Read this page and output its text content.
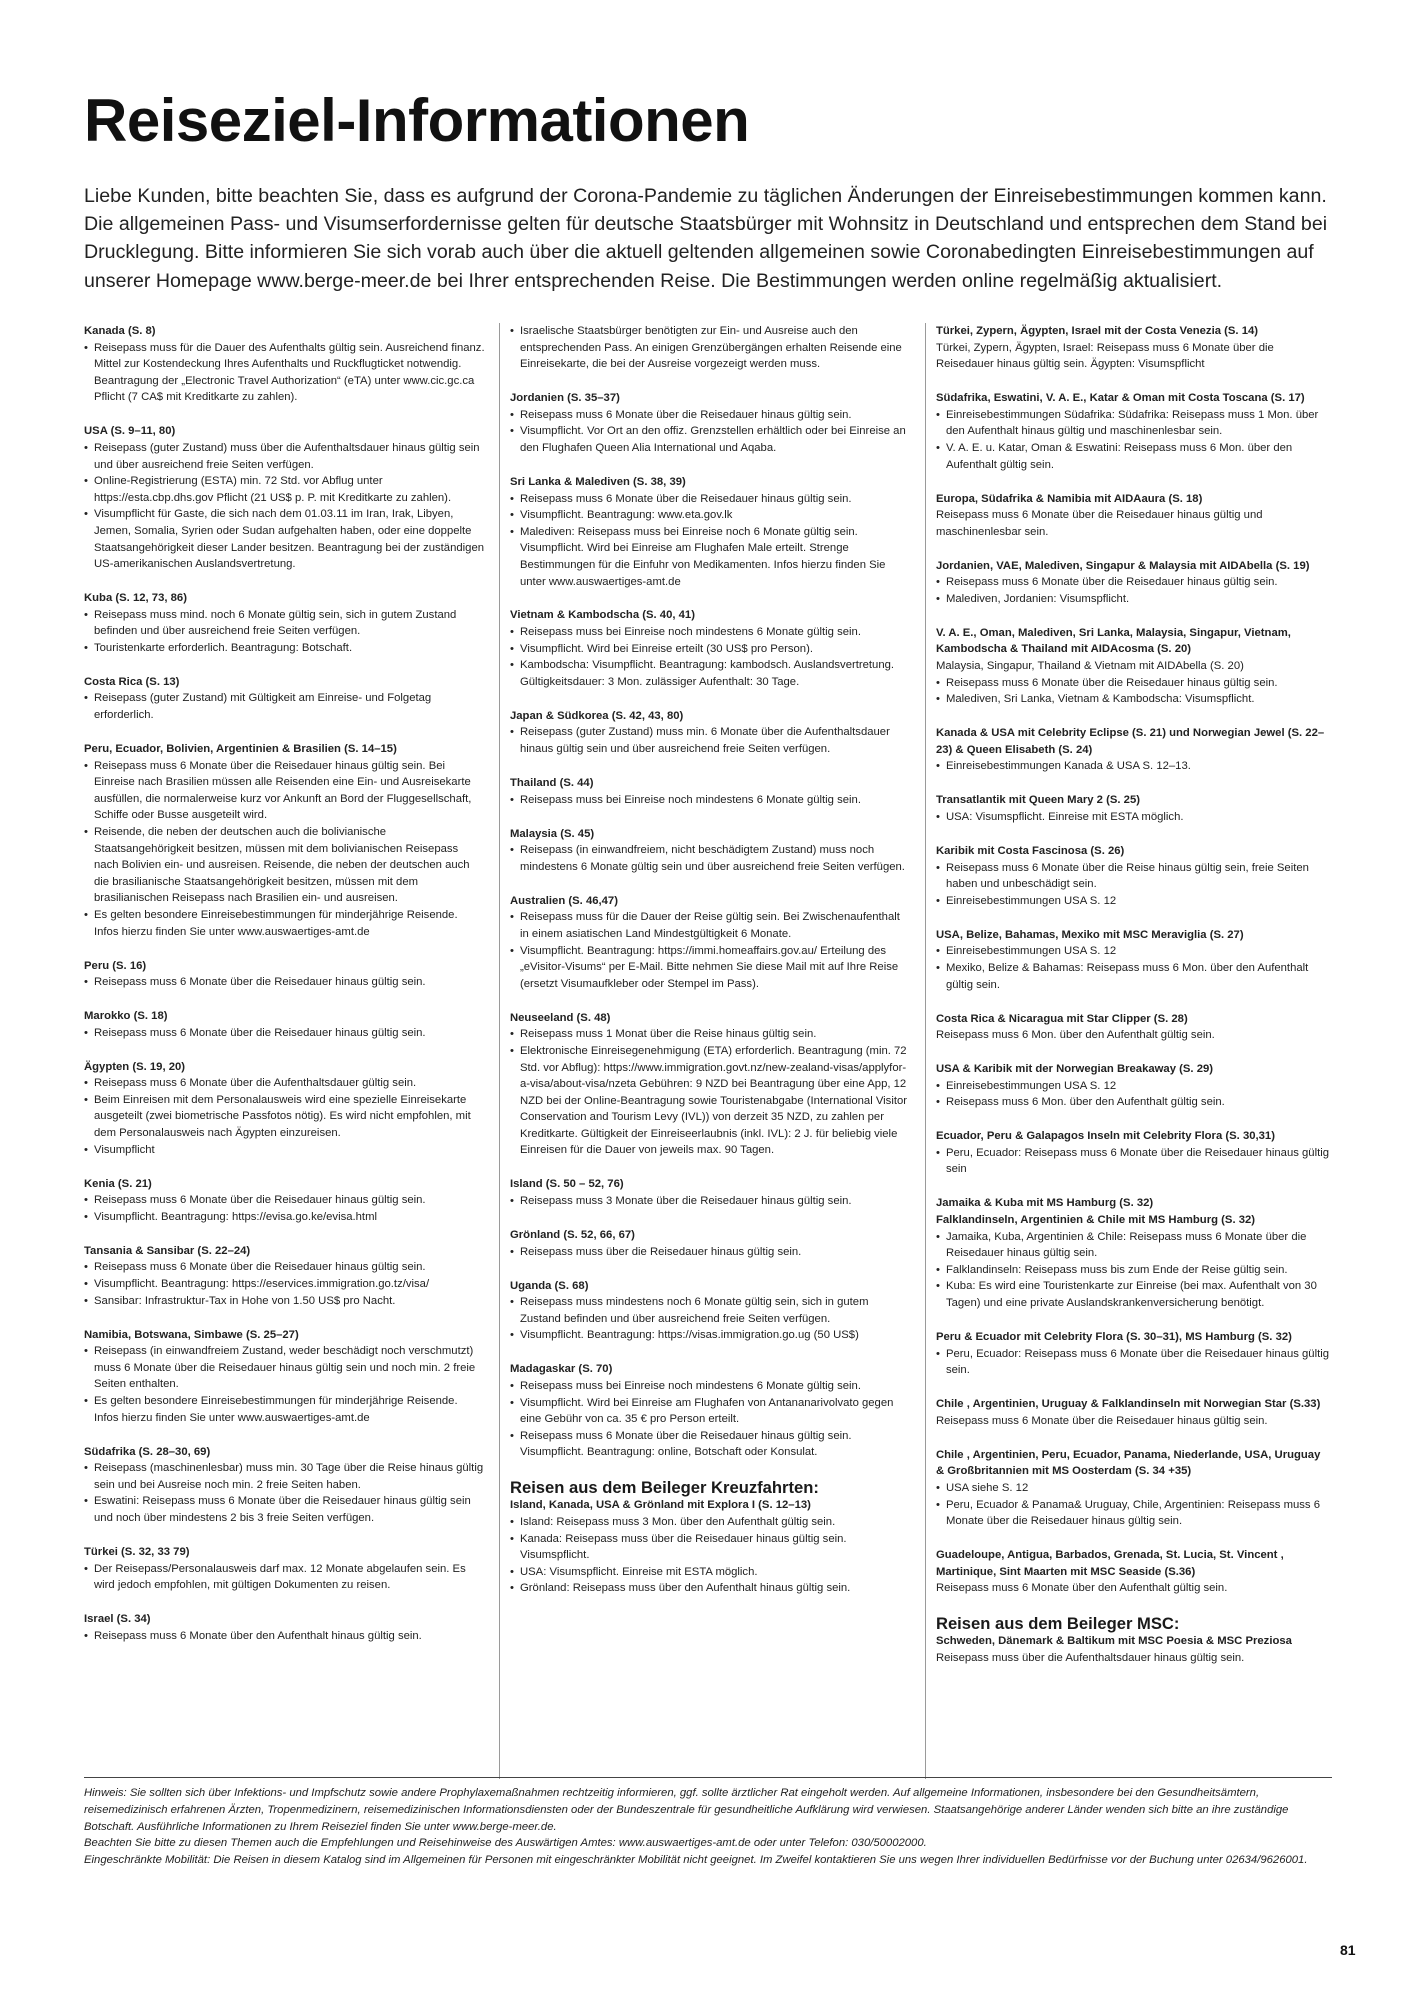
Reiseziel-Informationen

Liebe Kunden, bitte beachten Sie, dass es aufgrund der Corona-Pandemie zu täglichen Änderungen der Einreisebestimmungen kommen kann. Die allgemeinen Pass- und Visumserfordernisse gelten für deutsche Staatsbürger mit Wohnsitz in Deutschland und entsprechen dem Stand bei Drucklegung. Bitte informieren Sie sich vorab auch über die aktuell geltenden allgemeinen sowie Coronabedingten Einreisebestimmungen auf unserer Homepage www.berge-meer.de bei Ihrer entsprechenden Reise. Die Bestimmungen werden online regelmäßig aktualisiert.

Kanada (S. 8)
• Reisepass muss für die Dauer des Aufenthalts gültig sein. Ausreichend finanz. Mittel zur Kostendeckung Ihres Aufenthalts und Ruckflugticket notwendig. Beantragung der „Electronic Travel Authorization“ (eTA) unter www.cic.gc.ca Pflicht (7 CA$ mit Kreditkarte zu zahlen).
USA (S. 9–11, 80)
• Reisepass (guter Zustand) muss über die Aufenthaltsdauer hinaus gültig sein und über ausreichend freie Seiten verfügen.
• Online-Registrierung (ESTA) min. 72 Std. vor Abflug unter https://esta.cbp.dhs.gov Pflicht (21 US$ p. P. mit Kreditkarte zu zahlen).
• Visumpflicht für Gaste, die sich nach dem 01.03.11 im Iran, Irak, Libyen, Jemen, Somalia, Syrien oder Sudan aufgehalten haben, oder eine doppelte Staatsangehörigkeit dieser Lander besitzen. Beantragung bei der zuständigen US-amerikanischen Auslandsvertretung.
Kuba (S. 12, 73, 86)
• Reisepass muss mind. noch 6 Monate gültig sein, sich in gutem Zustand befinden und über ausreichend freie Seiten verfügen.
• Touristenkarte erforderlich. Beantragung: Botschaft.
Costa Rica (S. 13)
• Reisepass (guter Zustand) mit Gültigkeit am Einreise- und Folgetag erforderlich.
Peru, Ecuador, Bolivien, Argentinien & Brasilien (S. 14–15)
• Reisepass muss 6 Monate über die Reisedauer hinaus gültig sein. Bei Einreise nach Brasilien müssen alle Reisenden eine Ein- und Ausreisekarte ausfüllen, die normalerweise kurz vor Ankunft an Bord der Fluggesellschaft, Schiffe oder Busse ausgeteilt wird.
• Reisende, die neben der deutschen auch die bolivianische Staatsangehörigkeit besitzen, müssen mit dem bolivianischen Reisepass nach Bolivien ein- und ausreisen. Reisende, die neben der deutschen auch die brasilianische Staatsangehörigkeit besitzen, müssen mit dem brasilianischen Reisepass nach Brasilien ein- und ausreisen.
• Es gelten besondere Einreisebestimmungen für minderjährige Reisende. Infos hierzu finden Sie unter www.auswaertiges-amt.de
Peru (S. 16)
• Reisepass muss 6 Monate über die Reisedauer hinaus gültig sein.
Marokko (S. 18)
• Reisepass muss 6 Monate über die Reisedauer hinaus gültig sein.
Ägypten (S. 19, 20)
• Reisepass muss 6 Monate über die Aufenthaltsdauer gültig sein.
• Beim Einreisen mit dem Personalausweis wird eine spezielle Einreisekarte ausgeteilt (zwei biometrische Passfotos nötig). Es wird nicht empfohlen, mit dem Personalausweis nach Ägypten einzureisen.
• Visumpflicht
Kenia (S. 21)
• Reisepass muss 6 Monate über die Reisedauer hinaus gültig sein.
• Visumpflicht. Beantragung: https://evisa.go.ke/evisa.html
Tansania & Sansibar (S. 22–24)
• Reisepass muss 6 Monate über die Reisedauer hinaus gültig sein.
• Visumpflicht. Beantragung: https://eservices.immigration.go.tz/visa/
• Sansibar: Infrastruktur-Tax in Hohe von 1.50 US$ pro Nacht.
Namibia, Botswana, Simbawe (S. 25–27)
• Reisepass (in einwandfreiem Zustand, weder beschädigt noch verschmutzt) muss 6 Monate über die Reisedauer hinaus gültig sein und noch min. 2 freie Seiten enthalten.
• Es gelten besondere Einreisebestimmungen für minderjährige Reisende. Infos hierzu finden Sie unter www.auswaertiges-amt.de
Südafrika (S. 28–30, 69)
• Reisepass (maschinenlesbar) muss min. 30 Tage über die Reise hinaus gültig sein und bei Ausreise noch min. 2 freie Seiten haben.
• Eswatini: Reisepass muss 6 Monate über die Reisedauer hinaus gültig sein und noch über mindestens 2 bis 3 freie Seiten verfügen.
Türkei (S. 32, 33 79)
• Der Reisepass/Personalausweis darf max. 12 Monate abgelaufen sein. Es wird jedoch empfohlen, mit gültigen Dokumenten zu reisen.
Israel (S. 34)
• Reisepass muss 6 Monate über den Aufenthalt hinaus gültig sein.
• Israelische Staatsbürger benötigten zur Ein- und Ausreise auch den entsprechenden Pass. An einigen Grenzübergängen erhalten Reisende eine Einreisekarte, die bei der Ausreise vorgezeigt werden muss.
Jordanien (S. 35–37)
• Reisepass muss 6 Monate über die Reisedauer hinaus gültig sein.
• Visumpflicht. Vor Ort an den offiz. Grenzstellen erhältlich oder bei Einreise an den Flughafen Queen Alia International und Aqaba.
Sri Lanka & Malediven (S. 38, 39)
• Reisepass muss 6 Monate über die Reisedauer hinaus gültig sein.
• Visumpflicht. Beantragung: www.eta.gov.lk
• Malediven: Reisepass muss bei Einreise noch 6 Monate gültig sein. Visumpflicht. Wird bei Einreise am Flughafen Male erteilt. Strenge Bestimmungen für die Einfuhr von Medikamenten. Infos hierzu finden Sie unter www.auswaertiges-amt.de
Vietnam & Kambodscha (S. 40, 41)
• Reisepass muss bei Einreise noch mindestens 6 Monate gültig sein.
• Visumpflicht. Wird bei Einreise erteilt (30 US$ pro Person).
• Kambodscha: Visumpflicht. Beantragung: kambodsch. Auslandsvertretung. Gültigkeitsdauer: 3 Mon. zulässiger Aufenthalt: 30 Tage.
Japan & Südkorea (S. 42, 43, 80)
• Reisepass (guter Zustand) muss min. 6 Monate über die Aufenthaltsdauer hinaus gültig sein und über ausreichend freie Seiten verfügen.
Thailand (S. 44)
• Reisepass muss bei Einreise noch mindestens 6 Monate gültig sein.
Malaysia (S. 45)
• Reisepass (in einwandfreiem, nicht beschädigtem Zustand) muss noch mindestens 6 Monate gültig sein und über ausreichend freie Seiten verfügen.
Australien (S. 46,47)
• Reisepass muss für die Dauer der Reise gültig sein. Bei Zwischenaufenthalt in einem asiatischen Land Mindestgültigkeit 6 Monate.
• Visumpflicht. Beantragung: https://immi.homeaffairs.gov.au/ Erteilung des „eVisitor-Visums“ per E-Mail. Bitte nehmen Sie diese Mail mit auf Ihre Reise (ersetzt Visumaufkleber oder Stempel im Pass).
Neuseeland (S. 48)
• Reisepass muss 1 Monat über die Reise hinaus gültig sein.
• Elektronische Einreisegenehmigung (ETA) erforderlich. Beantragung (min. 72 Std. vor Abflug): https://www.immigration.govt.nz/new-zealand-visas/applyfor-a-visa/about-visa/nzeta Gebühren: 9 NZD bei Beantragung über eine App, 12 NZD bei der Online-Beantragung sowie Touristenabgabe (International Visitor Conservation and Tourism Levy (IVL)) von derzeit 35 NZD, zu zahlen per Kreditkarte. Gültigkeit der Einreiseerlaubnis (inkl. IVL): 2 J. für beliebig viele Einreisen für die Dauer von jeweils max. 90 Tagen.
Island (S. 50 – 52, 76)
• Reisepass muss 3 Monate über die Reisedauer hinaus gültig sein.
Grönland (S. 52, 66, 67)
• Reisepass muss über die Reisedauer hinaus gültig sein.
Uganda (S. 68)
• Reisepass muss mindestens noch 6 Monate gültig sein, sich in gutem Zustand befinden und über ausreichend freie Seiten verfügen.
• Visumpflicht. Beantragung: https://visas.immigration.go.ug (50 US$)
Madagaskar (S. 70)
• Reisepass muss bei Einreise noch mindestens 6 Monate gültig sein.
• Visumpflicht. Wird bei Einreise am Flughafen von Antananarivolvato gegen eine Gebühr von ca. 35 € pro Person erteilt.
• Reisepass muss 6 Monate über die Reisedauer hinaus gültig sein. Visumpflicht. Beantragung: online, Botschaft oder Konsulat.
Reisen aus dem Beileger Kreuzfahrten:
Island, Kanada, USA & Grönland mit Explora I (S. 12–13)
• Island: Reisepass muss 3 Mon. über den Aufenthalt gültig sein.
• Kanada: Reisepass muss über die Reisedauer hinaus gültig sein. Visumspflicht.
• USA: Visumspflicht. Einreise mit ESTA möglich.
• Grönland: Reisepass muss über den Aufenthalt hinaus gültig sein.
Türkei, Zypern, Ägypten, Israel mit der Costa Venezia (S. 14)

Türkei, Zypern, Ägypten, Israel: Reisepass muss 6 Monate über die Reisedauer hinaus gültig sein. Ägypten: Visumspflicht

Südafrika, Eswatini, V. A. E., Katar & Oman mit Costa Toscana (S. 17)
• Einreisebestimmungen Südafrika: Südafrika: Reisepass muss 1 Mon. über den Aufenthalt hinaus gültig und maschinenlesbar sein.
• V. A. E. u. Katar, Oman & Eswatini: Reisepass muss 6 Mon. über den Aufenthalt gültig sein.
Europa, Südafrika & Namibia mit AIDAaura (S. 18)

Reisepass muss 6 Monate über die Reisedauer hinaus gültig und maschinenlesbar sein.

Jordanien, VAE, Malediven, Singapur & Malaysia mit AIDAbella (S. 19)
• Reisepass muss 6 Monate über die Reisedauer hinaus gültig sein.
• Malediven, Jordanien: Visumspflicht.
V. A. E., Oman, Malediven, Sri Lanka, Malaysia, Singapur, Vietnam, Kambodscha & Thailand mit AIDAcosma (S. 20)

Malaysia, Singapur, Thailand & Vietnam mit AIDAbella (S. 20)

• Reisepass muss 6 Monate über die Reisedauer hinaus gültig sein.
• Malediven, Sri Lanka, Vietnam & Kambodscha: Visumspflicht.
Kanada & USA mit Celebrity Eclipse (S. 21) und Norwegian Jewel (S. 22–23) & Queen Elisabeth (S. 24)
• Einreisebestimmungen Kanada & USA S. 12–13.
Transatlantik mit Queen Mary 2 (S. 25)
• USA: Visumspflicht. Einreise mit ESTA möglich.
Karibik mit Costa Fascinosa (S. 26)
• Reisepass muss 6 Monate über die Reise hinaus gültig sein, freie Seiten haben und unbeschädigt sein.
• Einreisebestimmungen USA S. 12
USA, Belize, Bahamas, Mexiko mit MSC Meraviglia (S. 27)
• Einreisebestimmungen USA S. 12
• Mexiko, Belize & Bahamas: Reisepass muss 6 Mon. über den Aufenthalt gültig sein.
Costa Rica & Nicaragua mit Star Clipper (S. 28)

Reisepass muss 6 Mon. über den Aufenthalt gültig sein.

USA & Karibik mit der Norwegian Breakaway (S. 29)
• Einreisebestimmungen USA S. 12
• Reisepass muss 6 Mon. über den Aufenthalt gültig sein.
Ecuador, Peru & Galapagos Inseln mit Celebrity Flora (S. 30,31)
• Peru, Ecuador: Reisepass muss 6 Monate über die Reisedauer hinaus gültig sein
Jamaika & Kuba mit MS Hamburg (S. 32)
Falklandinseln, Argentinien & Chile mit MS Hamburg (S. 32)
• Jamaika, Kuba, Argentinien & Chile: Reisepass muss 6 Monate über die Reisedauer hinaus gültig sein.
• Falklandinseln: Reisepass muss bis zum Ende der Reise gültig sein.
• Kuba: Es wird eine Touristenkarte zur Einreise (bei max. Aufenthalt von 30 Tagen) und eine private Auslandskrankenversicherung benötigt.
Peru & Ecuador mit Celebrity Flora (S. 30–31), MS Hamburg (S. 32)
• Peru, Ecuador: Reisepass muss 6 Monate über die Reisedauer hinaus gültig sein.
Chile , Argentinien, Uruguay & Falklandinseln mit Norwegian Star (S.33)

Reisepass muss 6 Monate über die Reisedauer hinaus gültig sein.

Chile , Argentinien, Peru, Ecuador, Panama, Niederlande, USA, Uruguay & Großbritannien mit MS Oosterdam (S. 34 +35)
• USA siehe S. 12
• Peru, Ecuador & Panama& Uruguay, Chile, Argentinien: Reisepass muss 6 Monate über die Reisedauer hinaus gültig sein.
Guadeloupe, Antigua, Barbados, Grenada, St. Lucia, St. Vincent , Martinique, Sint Maarten mit MSC Seaside (S.36)

Reisepass muss 6 Monate über den Aufenthalt gültig sein.

Reisen aus dem Beileger MSC:
Schweden, Dänemark & Baltikum mit MSC Poesia & MSC Preziosa

Reisepass muss über die Aufenthaltsdauer hinaus gültig sein.

Hinweis: Sie sollten sich über Infektions- und Impfschutz sowie andere Prophylaxemaßnahmen rechtzeitig informieren, ggf. sollte ärztlicher Rat eingeholt werden. Auf allgemeine Informationen, insbesondere bei den Gesundheitsämtern, reisemedizinisch erfahrenen Ärzten, Tropenmedizinern, reisemedizinischen Informationsdiensten oder der Bundeszentrale für gesundheitliche Aufklärung wird verwiesen. Staatsangehörige anderer Länder wenden sich bitte an ihre zuständige Botschaft. Ausführliche Informationen zu Ihrem Reiseziel finden Sie unter www.berge-meer.de.

Beachten Sie bitte zu diesen Themen auch die Empfehlungen und Reisehinweise des Auswärtigen Amtes: www.auswaertiges-amt.de oder unter Telefon: 030/50002000.

Eingeschränkte Mobilität: Die Reisen in diesem Katalog sind im Allgemeinen für Personen mit eingeschränkter Mobilität nicht geeignet. Im Zweifel kontaktieren Sie uns wegen Ihrer individuellen Bedürfnisse vor der Buchung unter 02634/9626001.

81
